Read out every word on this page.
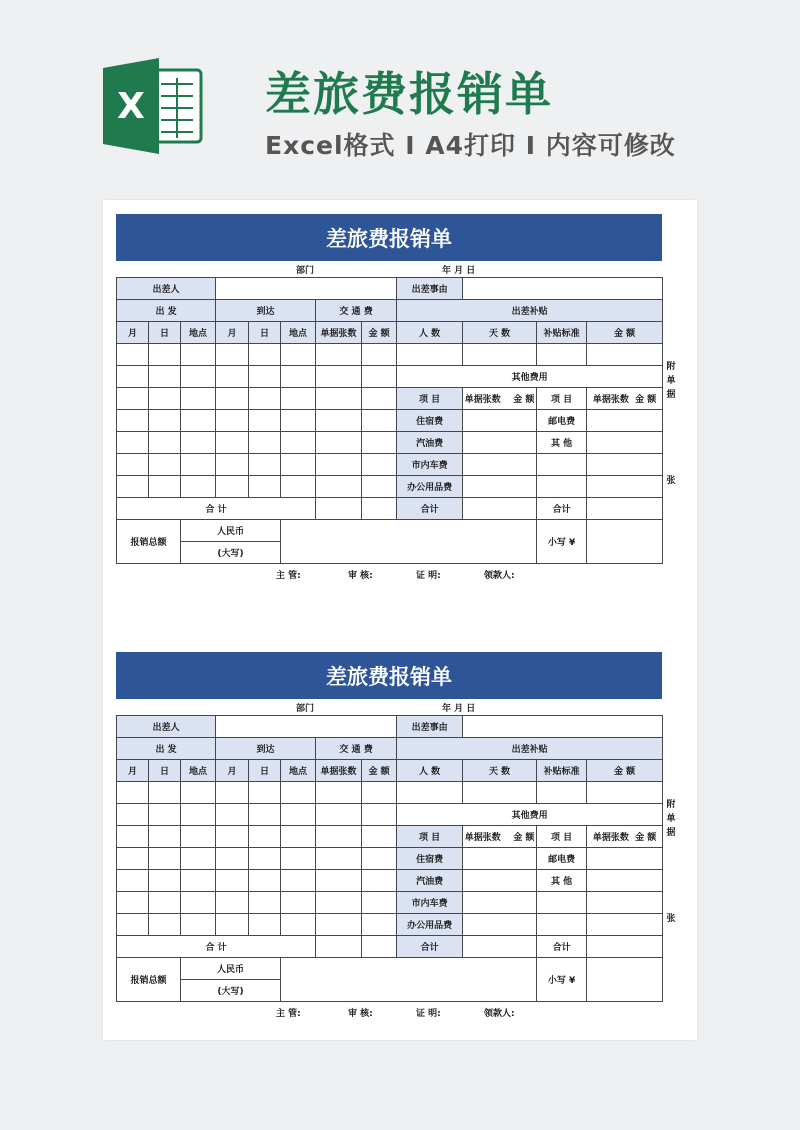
X	差旅费报销单
Excel格式 I A4打印 I 内容可修改
差旅费报销单
部门	年 月 日
出差人								出差事由			
出 发			到达			交 通 费		出差补贴			
月	日	地点	月	日	地点	单据张数	金 额	人 数	天 数	补贴标准	金 额

								其他费用			
								项 目	单据张数 金 额	项 目	单据张数 金 额
								住宿费		邮电费	
								汽油费		其 他	
								市内车费			
								办公用品费			
合 计								合计		合计	
报销总额		人民币								小写 ¥	
		(大写)									
主 管:	审 核:	证 明:	领款人:
差旅费报销单
部门	年 月 日
出差人								出差事由			
出 发			到达			交 通 费		出差补贴			
月	日	地点	月	日	地点	单据张数	金 额	人 数	天 数	补贴标准	金 额

								其他费用			
								项 目	单据张数 金 额	项 目	单据张数 金 额
								住宿费		邮电费	
								汽油费		其 他	
								市内车费			
								办公用品费			
合 计								合计		合计	
报销总额		人民币								小写 ¥	
		(大写)									
主 管:	审 核:	证 明:	领款人:
附
单
据
张
附
单
据
张
